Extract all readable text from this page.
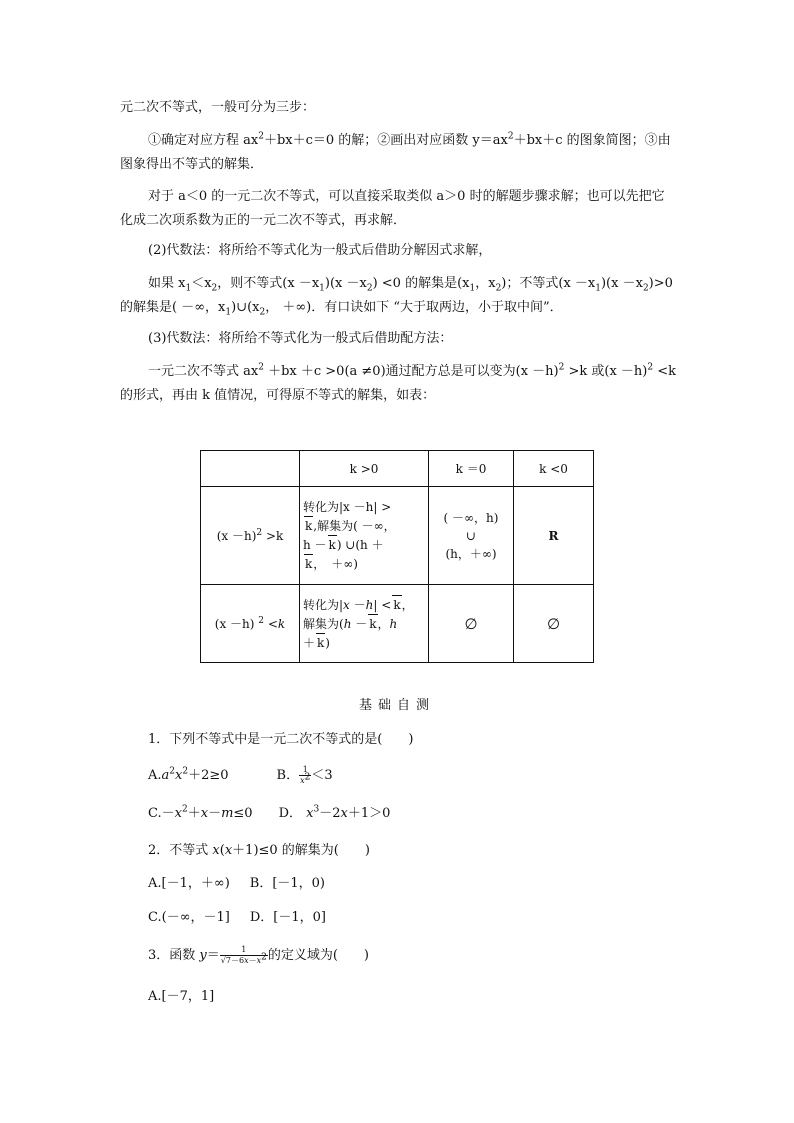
元二次不等式，一般可分为三步：

①确定对应方程 $ax^2+bx+c=0$ 的解；②画出对应函数 $y=ax^2+bx+c$ 的图象简图；③由图象得出不等式的解集．

对于 a＜0 的一元二次不等式，可以直接采取类似 a＞0 时的解题步骤求解；也可以先把它化成二次项系数为正的一元二次不等式，再求解．

(2)代数法：将所给不等式化为一般式后借助分解因式求解，

如果 $x_1<x_2$，则不等式$(x -x_1)(x -x_2) <0$ 的解集是($x_1$，$x_2$)；不等式$(x -x_1)(x -x_2)>0$ 的解集是( －∞，$x_1)\cup(x_2$， ＋∞)．有口诀如下 “大于取两边，小于取中间”．

(3)代数法：将所给不等式化为一般式后借助配方法：

一元二次不等式 $ax^2 +bx +c >0(a \ne 0)$通过配方总是可以变为$(x -h)^2 >k$ 或$(x -h)^2 <k$ 的形式，再由 k 值情况，可得原不等式的解集，如表：

	k >0	k ＝0	k <0
$(x -h)^2 >k$	转化为|x －h| >
k,解集为( －∞，
h － k) ∪(h ＋
k，　＋∞)	( －∞，h)
∪
(h，＋∞)	R
(x －h) $^2$ <k	转化为|x －h| < k，
解集为(h － k，h
＋ k)	∅	∅
基础自测

1．下列不等式中是一元二次不等式的是(　　)

$A.a^2x^2+2\ge 0$	B． $\frac{1}{x^2} <3$

$C.-x^2+x-m\le 0$ D． $x^3-2x+1>0$

2．不等式 x(x＋1)≤0 的解集为(　　)

A.[－1，＋∞) B．[－1，0)

C.(－∞，－1] D．[－1，0]

3．函数 $y= \frac{1}{√7-6x-x^2}$ 的定义域为(　　)

A.[－7，1]
